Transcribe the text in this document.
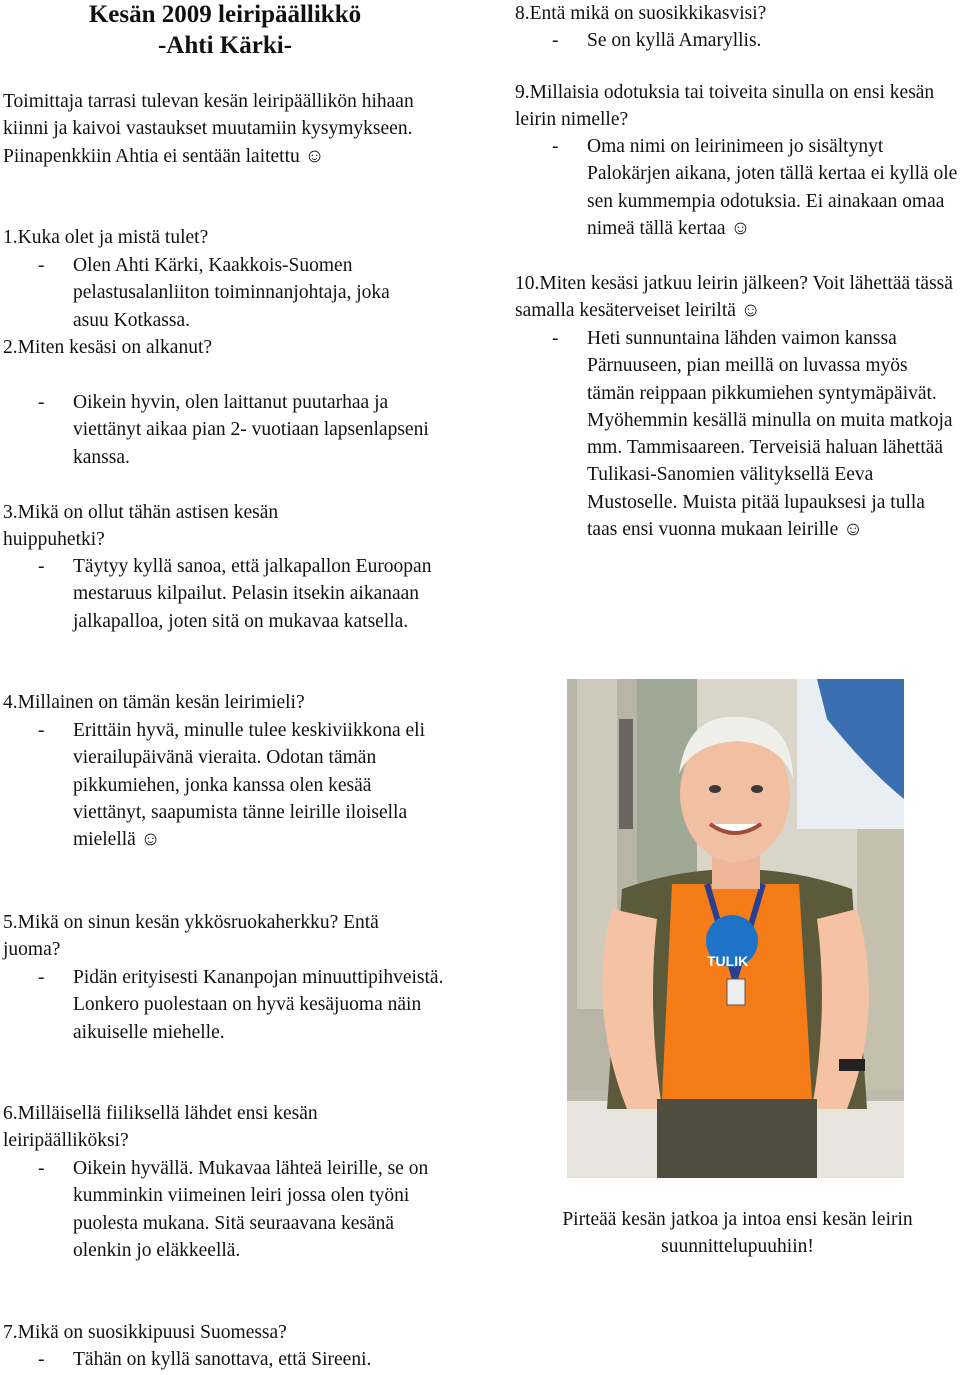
Kesän 2009 leiripäällikkö
-Ahti Kärki-

Toimittaja tarrasi tulevan kesän leiripäällikön hihaan kiinni ja kaivoi vastaukset muutamiin kysymykseen. Piinapenkkiin Ahtia ei sentään laitettu ☺

1.Kuka olet ja mistä tulet?

- Olen Ahti Kärki, Kaakkois-Suomen pelastusalanliiton toiminnanjohtaja, joka asuu Kotkassa.

2.Miten kesäsi on alkanut?

- Oikein hyvin, olen laittanut puutarhaa ja viettänyt aikaa pian 2- vuotiaan lapsenlapseni kanssa.

3.Mikä on ollut tähän astisen kesän huippuhetki?

- Täytyy kyllä sanoa, että jalkapallon Euroopan mestaruus kilpailut. Pelasin itsekin aikanaan jalkapalloa, joten sitä on mukavaa katsella.

4.Millainen on tämän kesän leirimieli?

- Erittäin hyvä, minulle tulee keskiviikkona eli vierailupäivänä vieraita. Odotan tämän pikkumiehen, jonka kanssa olen kesää viettänyt, saapumista tänne leirille iloisella mielellä ☺

5.Mikä on sinun kesän ykkösruokaherkku? Entä juoma?

- Pidän erityisesti Kananpojan minuuttipihveistä. Lonkero puolestaan on hyvä kesäjuoma näin aikuiselle miehelle.

6.Milläisellä fiiliksellä lähdet ensi kesän leiripäälliköksi?

- Oikein hyvällä. Mukavaa lähteä leirille, se on kumminkin viimeinen leiri jossa olen työni puolesta mukana. Sitä seuraavana kesänä olenkin jo eläkkeellä.

7.Mikä on suosikkipuusi Suomessa?

- Tähän on kyllä sanottava, että Sireeni.

8.Entä mikä on suosikkikasvisi?

- Se on kyllä Amaryllis.

9.Millaisia odotuksia tai toiveita sinulla on ensi kesän leirin nimelle?

- Oma nimi on leirinimeen jo sisältynyt Palokärjen aikana, joten tällä kertaa ei kyllä ole sen kummempia odotuksia. Ei ainakaan omaa nimeä tällä kertaa ☺

10.Miten kesäsi jatkuu leirin jälkeen? Voit lähettää tässä samalla kesäterveiset leiriltä ☺

- Heti sunnuntaina lähden vaimon kanssa Pärnuuseen, pian meillä on luvassa myös tämän reippaan pikkumiehen syntymäpäivät. Myöhemmin kesällä minulla on muita matkoja mm. Tammisaareen. Terveisiä haluan lähettää Tulikasi-Sanomien välityksellä Eeva Mustoselle. Muista pitää lupauksesi ja tulla taas ensi vuonna mukaan leirille ☺

TULIK

Pirteää kesän jatkoa ja intoa ensi kesän leirin suunnittelupuuhiin!
